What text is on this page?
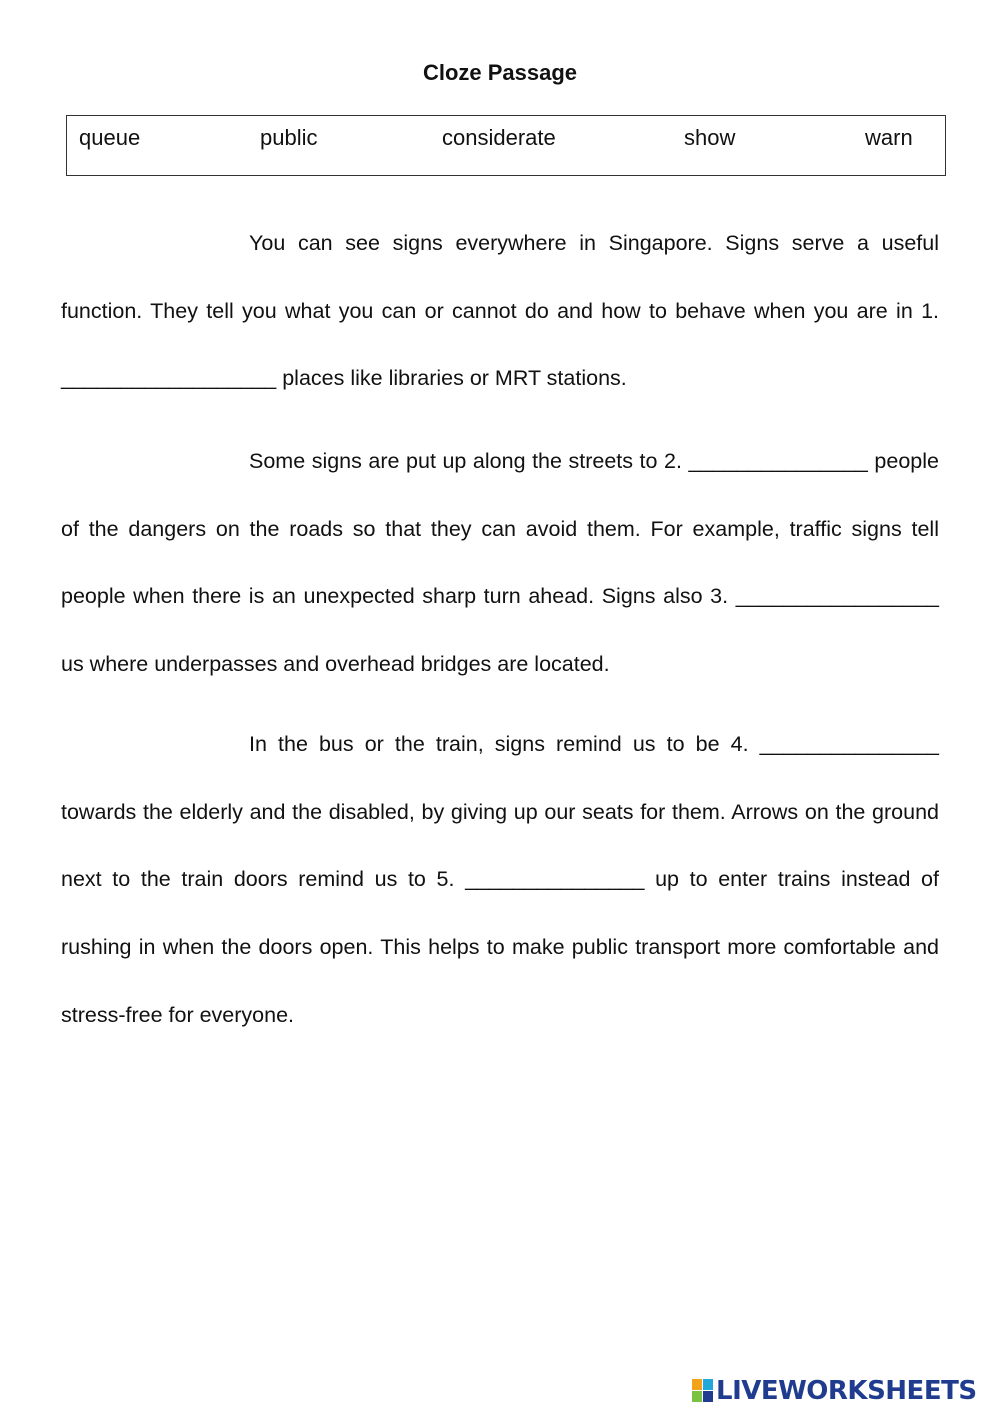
Cloze Passage
queue	public	considerate	show	warn

You can see signs everywhere in Singapore. Signs serve a useful function. They tell you what you can or cannot do and how to behave when you are in 1. __________________ places like libraries or MRT stations.

Some signs are put up along the streets to 2. _______________ people of the dangers on the roads so that they can avoid them. For example, traffic signs tell people when there is an unexpected sharp turn ahead. Signs also 3. _________________ us where underpasses and overhead bridges are located.

In the bus or the train, signs remind us to be 4. _______________ towards the elderly and the disabled, by giving up our seats for them. Arrows on the ground next to the train doors remind us to 5. _______________ up to enter trains instead of rushing in when the doors open. This helps to make public transport more comfortable and stress-free for everyone.

LIVEWORKSHEETS
